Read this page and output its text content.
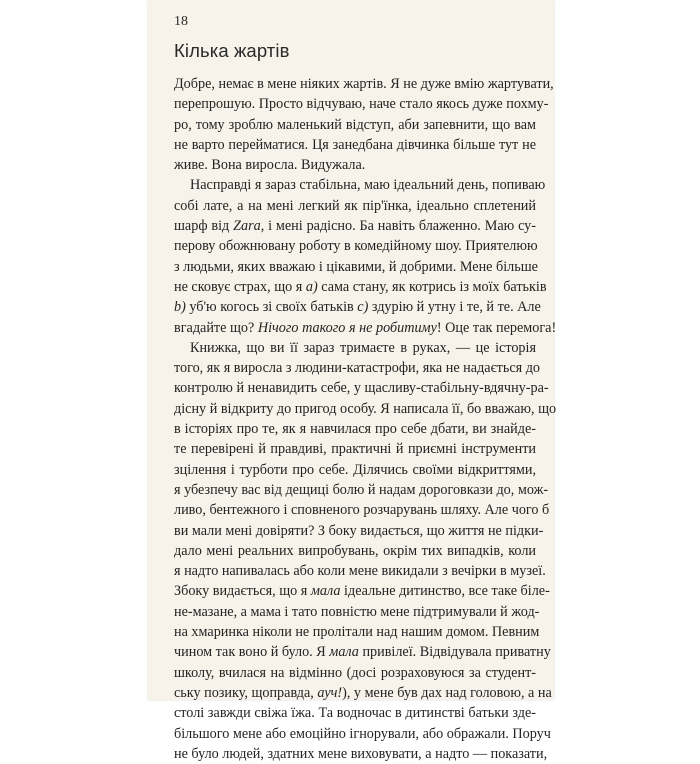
18
Кілька жартів
Добре, немає в мене ніяких жартів. Я не дуже вмію жартувати,
перепрошую. Просто відчуваю, наче стало якось дуже похму-
ро, тому зроблю маленький відступ, аби запевнити, що вам
не варто перейматися. Ця занедбана дівчинка більше тут не
живе. Вона виросла. Видужала.
Насправді я зараз стабільна, маю ідеальний день, попиваю
собі лате, а на мені легкий як пір'їнка, ідеально сплетений
шарф від Zara, і мені радісно. Ба навіть блаженно. Маю су-
перову обожнювану роботу в комедійному шоу. Приятелюю
з людьми, яких вважаю і цікавими, й добрими. Мене більше
не сковує страх, що я a) сама стану, як котрись із моїх батьків
b) уб'ю когось зі своїх батьків c) здурію й утну і те, й те. Але
вгадайте що? Нічого такого я не робитиму! Оце так перемога!
Книжка, що ви її зараз тримаєте в руках, — це історія
того, як я виросла з людини-катастрофи, яка не надається до
контролю й ненавидить себе, у щасливу-стабільну-вдячну-ра-
дісну й відкриту до пригод особу. Я написала її, бо вважаю, що
в історіях про те, як я навчилася про себе дбати, ви знайде-
те перевірені й правдиві, практичні й приємні інструменти
зцілення і турботи про себе. Ділячись своїми відкриттями,
я убезпечу вас від дещиці болю й надам дороговкази до, мож-
ливо, бентежного і сповненого розчарувань шляху. Але чого б
ви мали мені довіряти? З боку видається, що життя не підки-
дало мені реальних випробувань, окрім тих випадків, коли
я надто напивалась або коли мене викидали з вечірки в музеї.
Збоку видається, що я мала ідеальне дитинство, все таке біле-
не-мазане, а мама і тато повністю мене підтримували й жод-
на хмаринка ніколи не пролітали над нашим домом. Певним
чином так воно й було. Я мала привілеї. Відвідувала приватну
школу, вчилася на відмінно (досі розраховуюся за студент-
ську позику, щоправда, ауч!), у мене був дах над головою, а на
столі завжди свіжа їжа. Та водночас в дитинстві батьки зде-
більшого мене або емоційно ігнорували, або ображали. Поруч
не було людей, здатних мене виховувати, а надто — показати,
